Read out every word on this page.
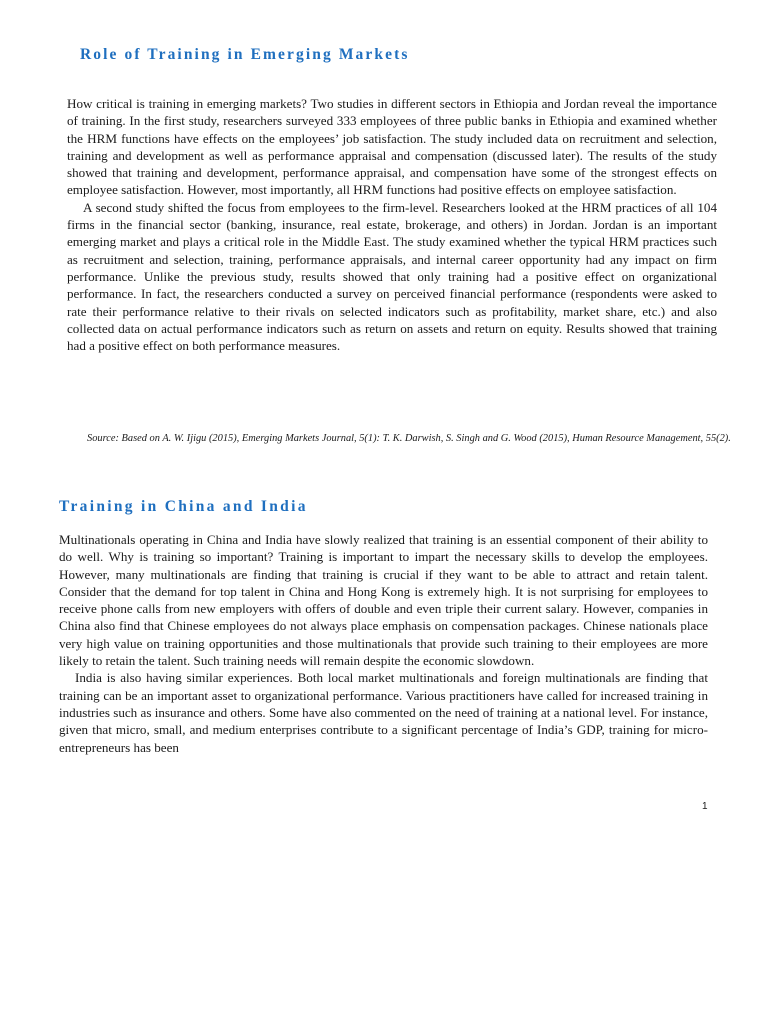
Role of Training in Emerging Markets

How critical is training in emerging markets? Two studies in different sectors in Ethiopia and Jordan reveal the importance of training. In the first study, researchers surveyed 333 employees of three public banks in Ethiopia and examined whether the HRM functions have effects on the employees’ job satisfaction. The study included data on recruitment and selection, training and development as well as performance appraisal and compensation (discussed later). The results of the study showed that training and development, performance appraisal, and compensation have some of the strongest effects on employee satisfaction. However, most importantly, all HRM functions had positive effects on employee satisfaction.

A second study shifted the focus from employees to the firm-level. Researchers looked at the HRM practices of all 104 firms in the financial sector (banking, insurance, real estate, brokerage, and others) in Jordan. Jordan is an important emerging market and plays a critical role in the Middle East. The study examined whether the typical HRM practices such as recruitment and selection, training, performance appraisals, and internal career opportunity had any impact on firm performance. Unlike the previous study, results showed that only training had a positive effect on organizational performance. In fact, the researchers conducted a survey on perceived financial performance (respondents were asked to rate their performance relative to their rivals on selected indicators such as profitability, market share, etc.) and also collected data on actual performance indicators such as return on assets and return on equity. Results showed that training had a positive effect on both performance measures.

Source: Based on A. W. Ijigu (2015), Emerging Markets Journal, 5(1): T. K. Darwish, S. Singh and G. Wood (2015), Human Resource Management, 55(2).

Training in China and India

Multinationals operating in China and India have slowly realized that training is an essential component of their ability to do well. Why is training so important? Training is important to impart the necessary skills to develop the employees. However, many multinationals are finding that training is crucial if they want to be able to attract and retain talent. Consider that the demand for top talent in China and Hong Kong is extremely high. It is not surprising for employees to receive phone calls from new employers with offers of double and even triple their current salary. However, companies in China also find that Chinese employees do not always place emphasis on compensation packages. Chinese nationals place very high value on training opportunities and those multinationals that provide such training to their employees are more likely to retain the talent. Such training needs will remain despite the economic slowdown.

India is also having similar experiences. Both local market multinationals and foreign multinationals are finding that training can be an important asset to organizational performance. Various practitioners have called for increased training in industries such as insurance and others. Some have also commented on the need of training at a national level. For instance, given that micro, small, and medium enterprises contribute to a significant percentage of India’s GDP, training for micro-entrepreneurs has been

1
